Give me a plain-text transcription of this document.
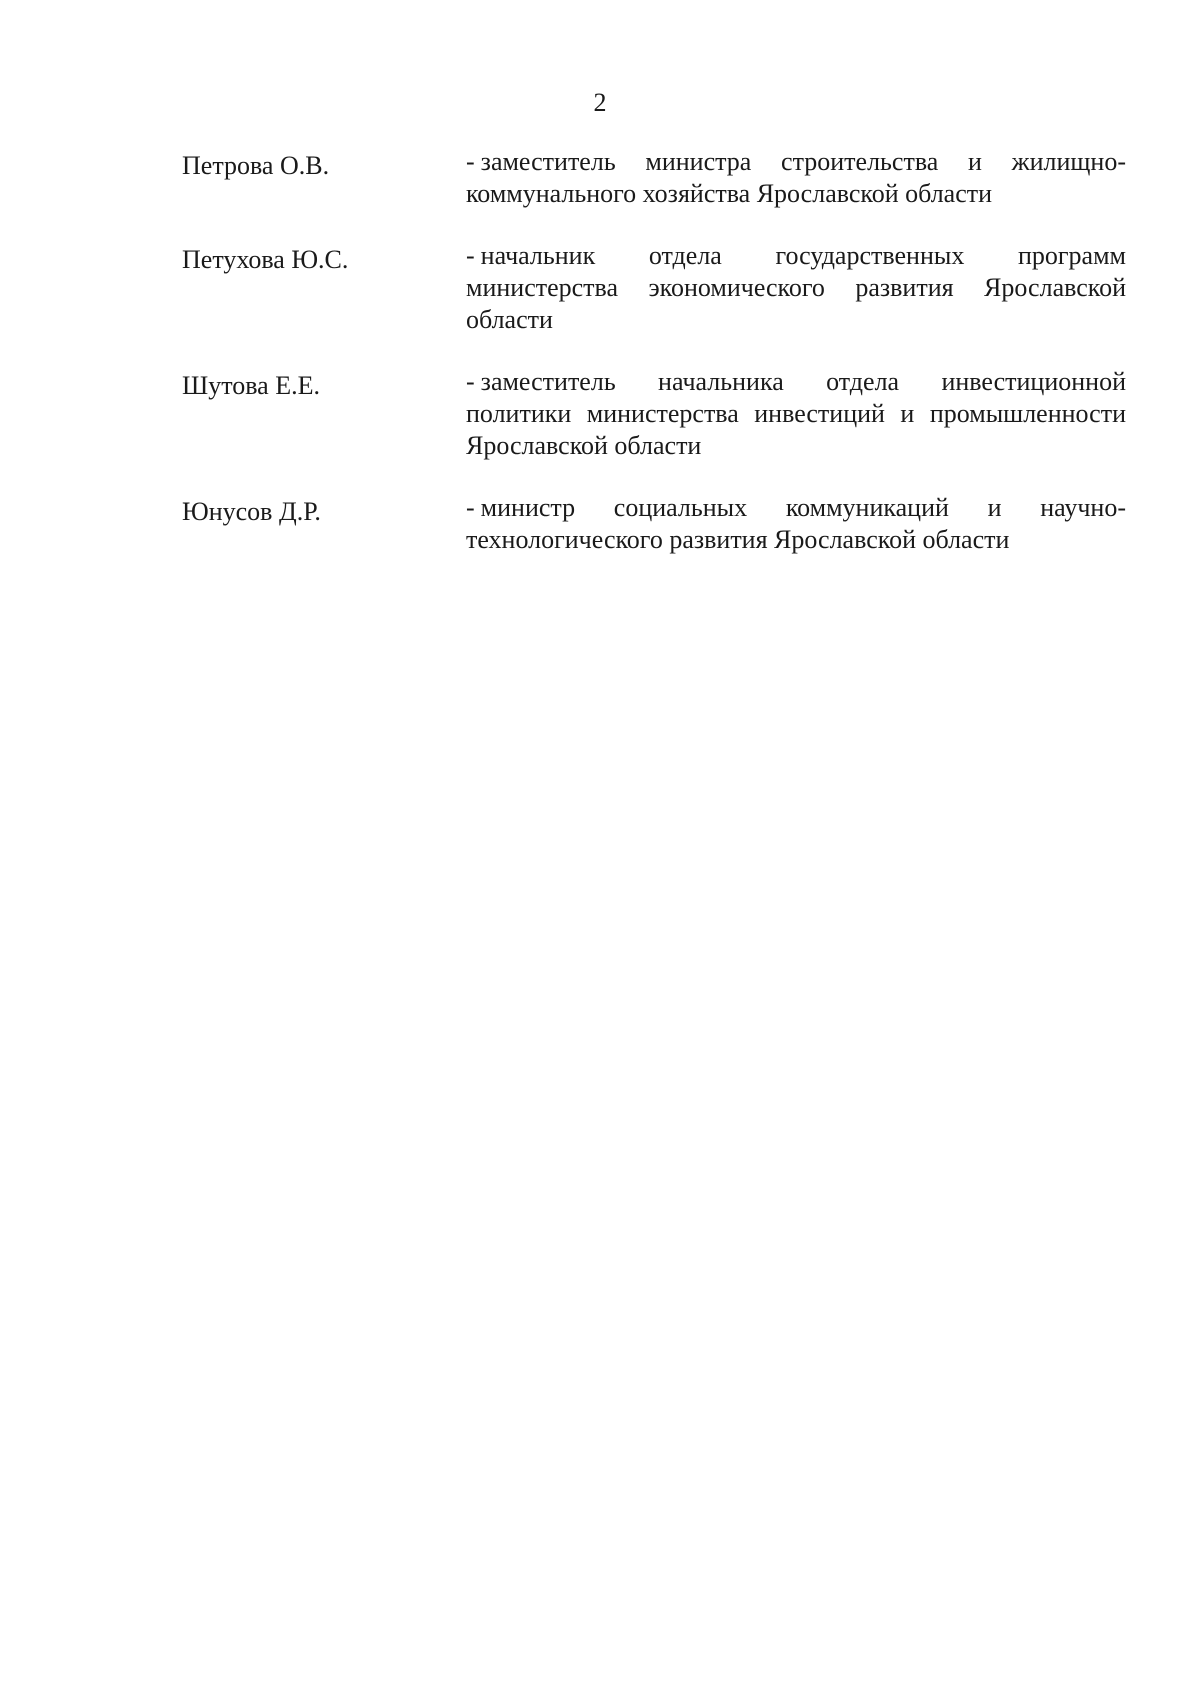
2
Петрова О.В.	- заместитель министра строительства и жилищно-коммунального хозяйства Ярославской области
Петухова Ю.С.	- начальник отдела государственных программ министерства экономического развития Ярославской области
Шутова Е.Е.	- заместитель начальника отдела инвестиционной политики министерства инвестиций и промышленности Ярославской области
Юнусов Д.Р.	- министр социальных коммуникаций и научно-технологического развития Ярославской области
